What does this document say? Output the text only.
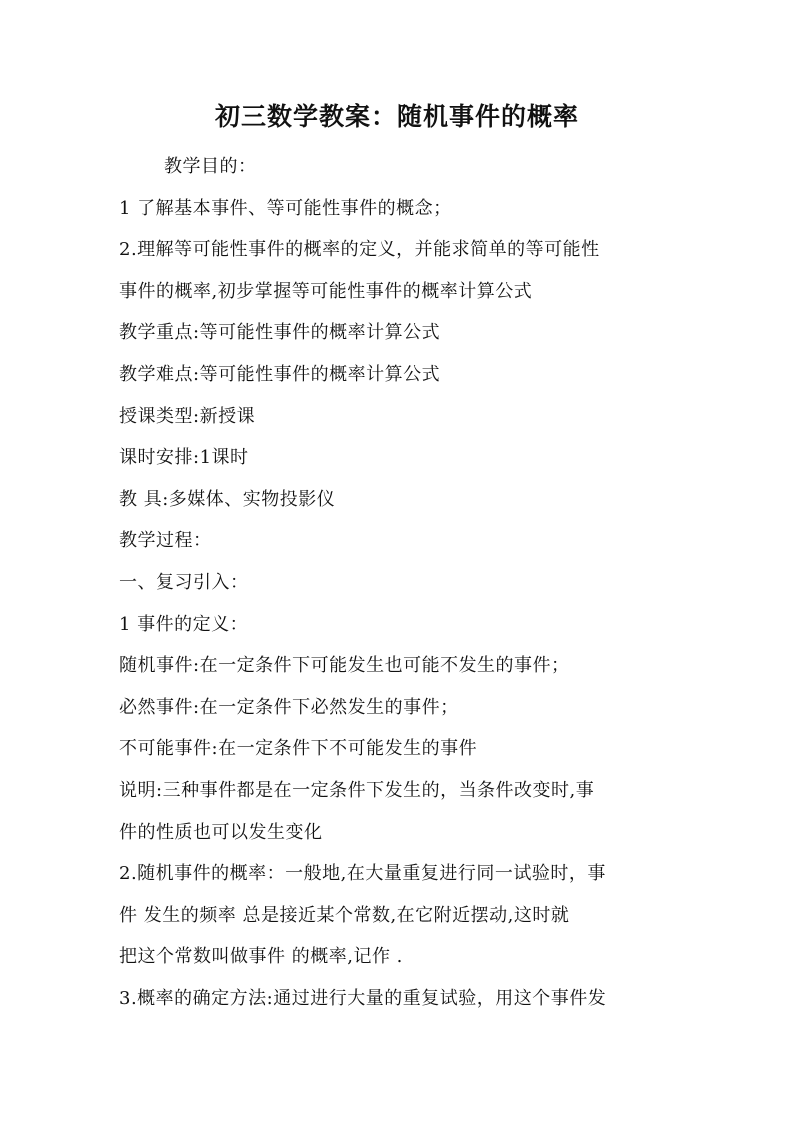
初三数学教案：随机事件的概率
教学目的：
1 了解基本事件、等可能性事件的概念；
2.理解等可能性事件的概率的定义，并能求简单的等可能性
事件的概率,初步掌握等可能性事件的概率计算公式
教学重点:等可能性事件的概率计算公式
教学难点:等可能性事件的概率计算公式
授课类型:新授课
课时安排:1课时
教 具:多媒体、实物投影仪
教学过程：
一、复习引入：
1 事件的定义：
随机事件:在一定条件下可能发生也可能不发生的事件；
必然事件:在一定条件下必然发生的事件；
不可能事件:在一定条件下不可能发生的事件
说明:三种事件都是在一定条件下发生的，当条件改变时,事
件的性质也可以发生变化
2.随机事件的概率：一般地,在大量重复进行同一试验时，事
件 发生的频率 总是接近某个常数,在它附近摆动,这时就
把这个常数叫做事件 的概率,记作 .
3.概率的确定方法:通过进行大量的重复试验，用这个事件发
